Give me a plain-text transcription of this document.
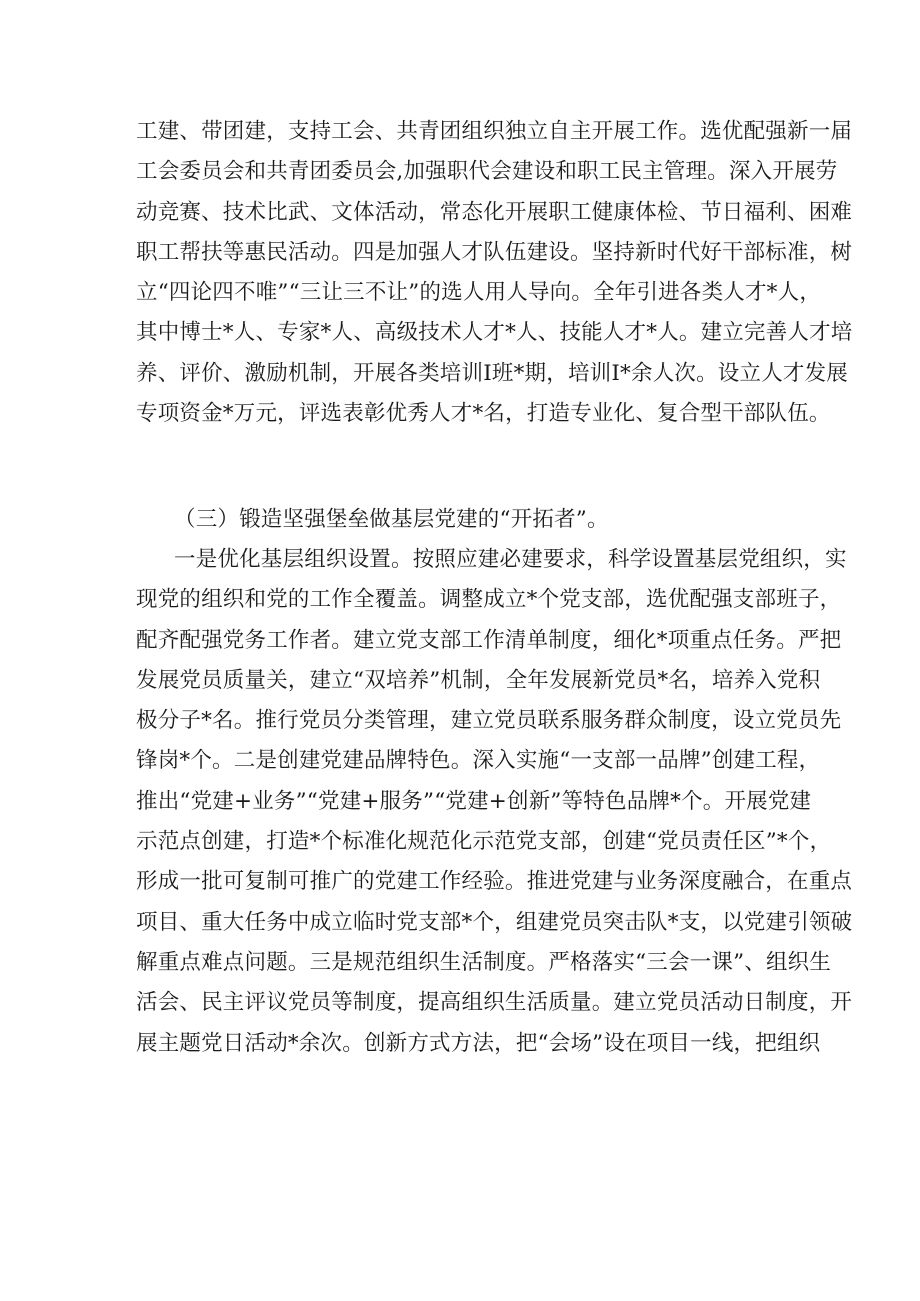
工建、带团建，支持工会、共青团组织独立自主开展工作。选优配强新一届
工会委员会和共青团委员会,加强职代会建设和职工民主管理。深入开展劳
动竞赛、技术比武、文体活动，常态化开展职工健康体检、节日福利、困难
职工帮扶等惠民活动。四是加强人才队伍建设。坚持新时代好干部标准，树
立“四论四不唯”“三让三不让”的选人用人导向。全年引进各类人才*人，
其中博士*人、专家*人、高级技术人才*人、技能人才*人。建立完善人才培
养、评价、激励机制，开展各类培训I班*期，培训I*余人次。设立人才发展
专项资金*万元，评选表彰优秀人才*名，打造专业化、复合型干部队伍。
（三）锻造坚强堡垒做基层党建的“开拓者”。
一是优化基层组织设置。按照应建必建要求，科学设置基层党组织，实
现党的组织和党的工作全覆盖。调整成立*个党支部，选优配强支部班子，
配齐配强党务工作者。建立党支部工作清单制度，细化*项重点任务。严把
发展党员质量关，建立“双培养”机制，全年发展新党员*名，培养入党积
极分子*名。推行党员分类管理，建立党员联系服务群众制度，设立党员先
锋岗*个。二是创建党建品牌特色。深入实施“一支部一品牌”创建工程，
推出“党建+业务”“党建+服务”“党建+创新”等特色品牌*个。开展党建
示范点创建，打造*个标准化规范化示范党支部，创建“党员责任区”*个，
形成一批可复制可推广的党建工作经验。推进党建与业务深度融合，在重点
项目、重大任务中成立临时党支部*个，组建党员突击队*支，以党建引领破
解重点难点问题。三是规范组织生活制度。严格落实“三会一课”、组织生
活会、民主评议党员等制度，提高组织生活质量。建立党员活动日制度，开
展主题党日活动*余次。创新方式方法，把“会场”设在项目一线，把组织
